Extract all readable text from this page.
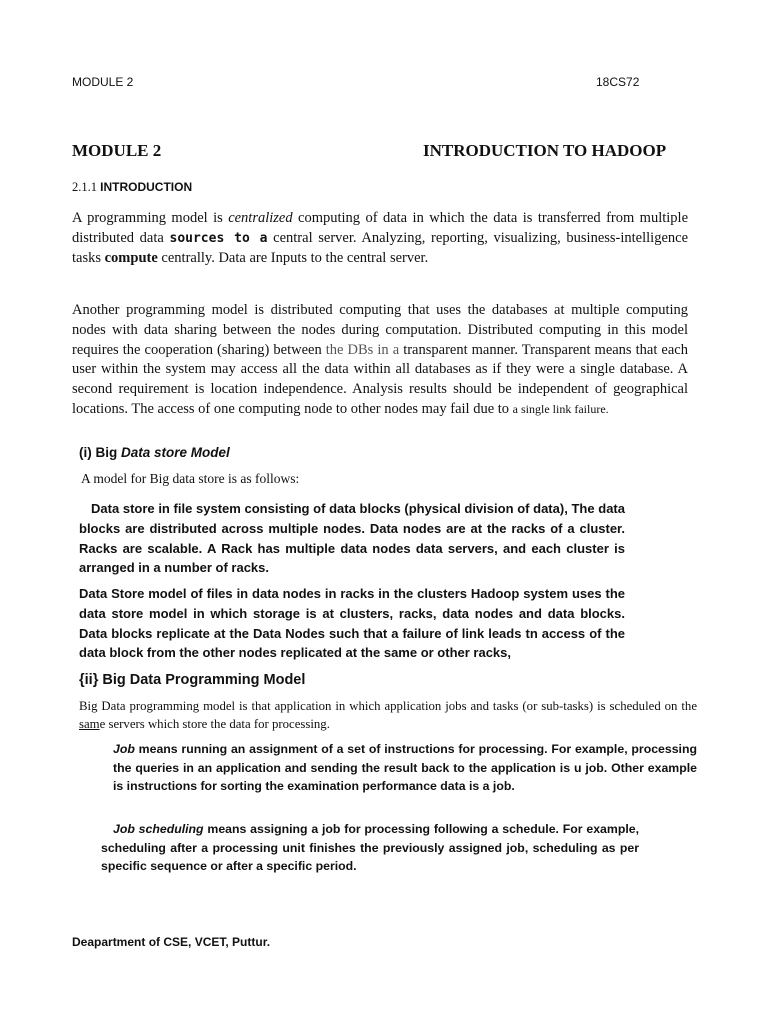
MODULE 2	18CS72
MODULE 2	INTRODUCTION TO HADOOP
2.1.1 INTRODUCTION

A programming model is centralized computing of data in which the data is transferred from multiple distributed data sources to a central server. Analyzing, reporting, visualizing, business-intelligence tasks compute centrally. Data are Inputs to the central server.

Another programming model is distributed computing that uses the databases at multiple computing nodes with data sharing between the nodes during computation. Distributed computing in this model requires the cooperation (sharing) between the DBs in a transparent manner. Transparent means that each user within the system may access all the data within all databases as if they were a single database. A second requirement is location independence. Analysis results should be independent of geographical locations. The access of one computing node to other nodes may fail due to a single link failure.

(i) Big Data store Model
A model for Big data store is as follows:

Data store in file system consisting of data blocks (physical division of data), The data blocks are distributed across multiple nodes. Data nodes are at the racks of a cluster. Racks are scalable. A Rack has multiple data nodes data servers, and each cluster is arranged in a number of racks.

Data Store model of files in data nodes in racks in the clusters Hadoop system uses the data store model in which storage is at clusters, racks, data nodes and data blocks. Data blocks replicate at the Data Nodes such that a failure of link leads tn access of the data block from the other nodes replicated at the same or other racks,

{ii} Big Data Programming Model

Big Data programming model is that application in which application jobs and tasks (or sub-tasks) is scheduled on the same servers which store the data for processing.

Job means running an assignment of a set of instructions for processing. For example, processing the queries in an application and sending the result back to the application is u job. Other example is instructions for sorting the examination performance data is a job.

Job scheduling means assigning a job for processing following a schedule. For example, scheduling after a processing unit finishes the previously assigned job, scheduling as per specific sequence or after a specific period.

Deapartment of CSE, VCET, Puttur.
